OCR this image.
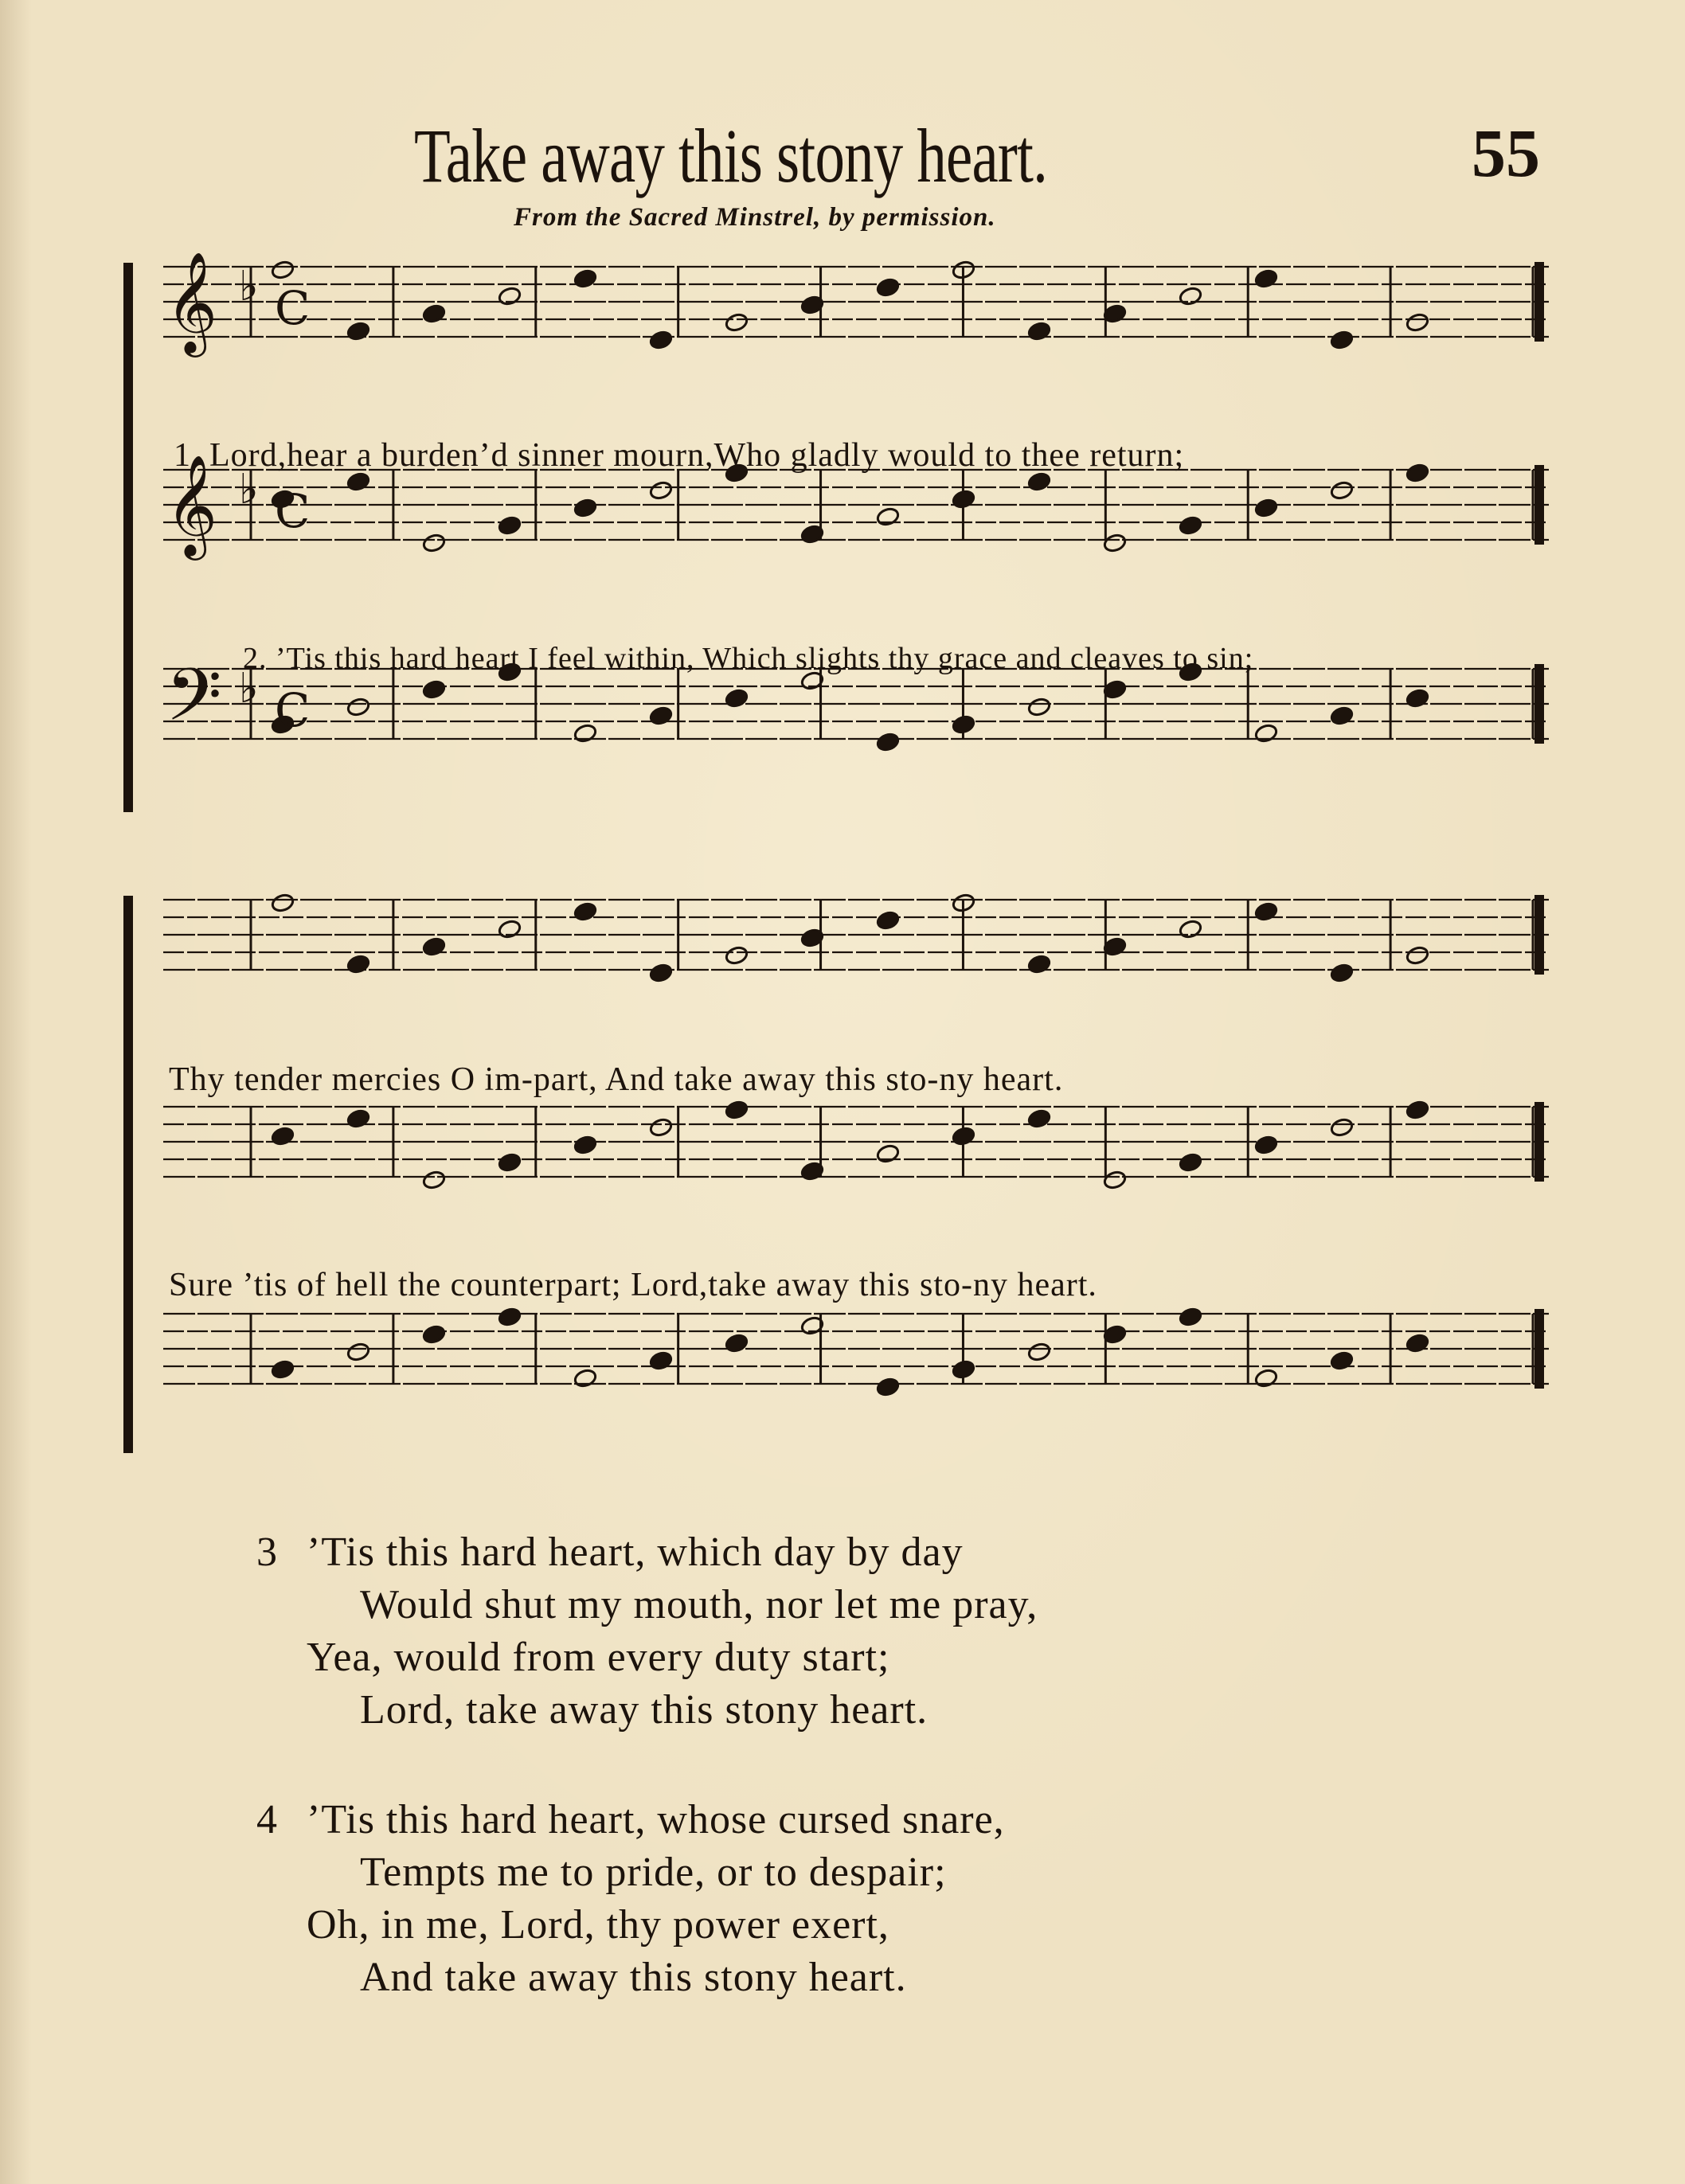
Take away this stony heart.	55
From the Sacred Minstrel, by permission.
𝄞 ♭ C
𝄞 ♭ C
𝄢 ♭ C
1. Lord,hear a burden’d sinner mourn,Who gladly would to thee return;
2. ’Tis this hard heart I feel within, Which slights thy grace and cleaves to sin;
Thy tender mercies O im-part, And take away this sto-ny heart.
Sure ’tis of hell the counterpart; Lord,take away this sto-ny heart.
3 ’Tis this hard heart, which day by day
Would shut my mouth, nor let me pray,
Yea, would from every duty start;
Lord, take away this stony heart.
4 ’Tis this hard heart, whose cursed snare,
Tempts me to pride, or to despair;
Oh, in me, Lord, thy power exert,
And take away this stony heart.
